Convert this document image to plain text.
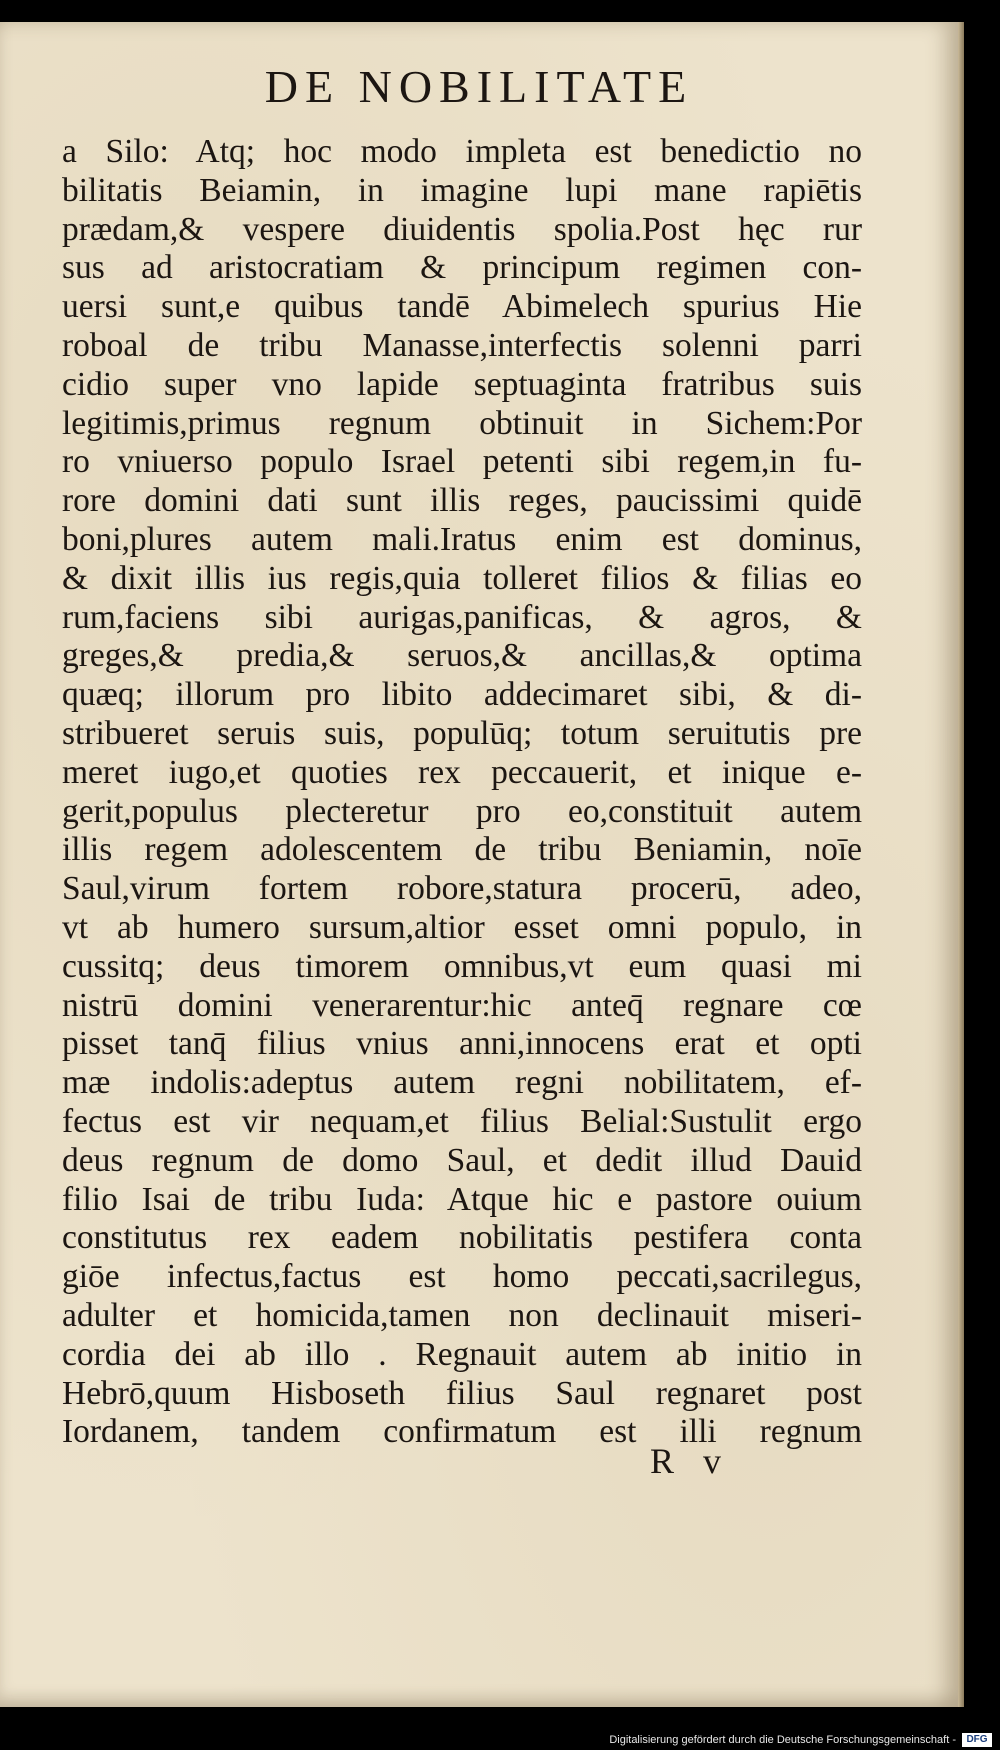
DE NOBILITATE
a Silo: Atq; hoc modo impleta est benedictio no
bilitatis Beiamin, in imagine lupi mane rapiētis
prædam,& vespere diuidentis spolia.Post hęc rur
sus ad aristocratiam & principum regimen con-
uersi sunt,e quibus tandē Abimelech spurius Hie
roboal de tribu Manasse,interfectis solenni parri
cidio super vno lapide septuaginta fratribus suis
legitimis,primus regnum obtinuit in Sichem:Por
ro vniuerso populo Israel petenti sibi regem,in fu-
rore domini dati sunt illis reges, paucissimi quidē
boni,plures autem mali.Iratus enim est dominus,
& dixit illis ius regis,quia tolleret filios & filias eo
rum,faciens sibi aurigas,panificas, & agros, &
greges,& predia,& seruos,& ancillas,& optima
quæq; illorum pro libito addecimaret sibi, & di-
stribueret seruis suis, populūq; totum seruitutis pre
meret iugo,et quoties rex peccauerit, et inique e-
gerit,populus plecteretur pro eo,constituit autem
illis regem adolescentem de tribu Beniamin, noīe
Saul,virum fortem robore,statura procerū, adeo,
vt ab humero sursum,altior esset omni populo, in
cussitq; deus timorem omnibus,vt eum quasi mi
nistrū domini venerarentur:hic anteq̄ regnare cœ
pisset tanq̄ filius vnius anni,innocens erat et opti
mæ indolis:adeptus autem regni nobilitatem, ef-
fectus est vir nequam,et filius Belial:Sustulit ergo
deus regnum de domo Saul, et dedit illud Dauid
filio Isai de tribu Iuda: Atque hic e pastore ouium
constitutus rex eadem nobilitatis pestifera conta
giōe infectus,factus est homo peccati,sacrilegus,
adulter et homicida,tamen non declinauit miseri-
cordia dei ab illo . Regnauit autem ab initio in
Hebrō,quum Hisboseth filius Saul regnaret post
Iordanem, tandem confirmatum est illi regnum
R v
Digitalisierung gefördert durch die Deutsche Forschungsgemeinschaft -	DFG
